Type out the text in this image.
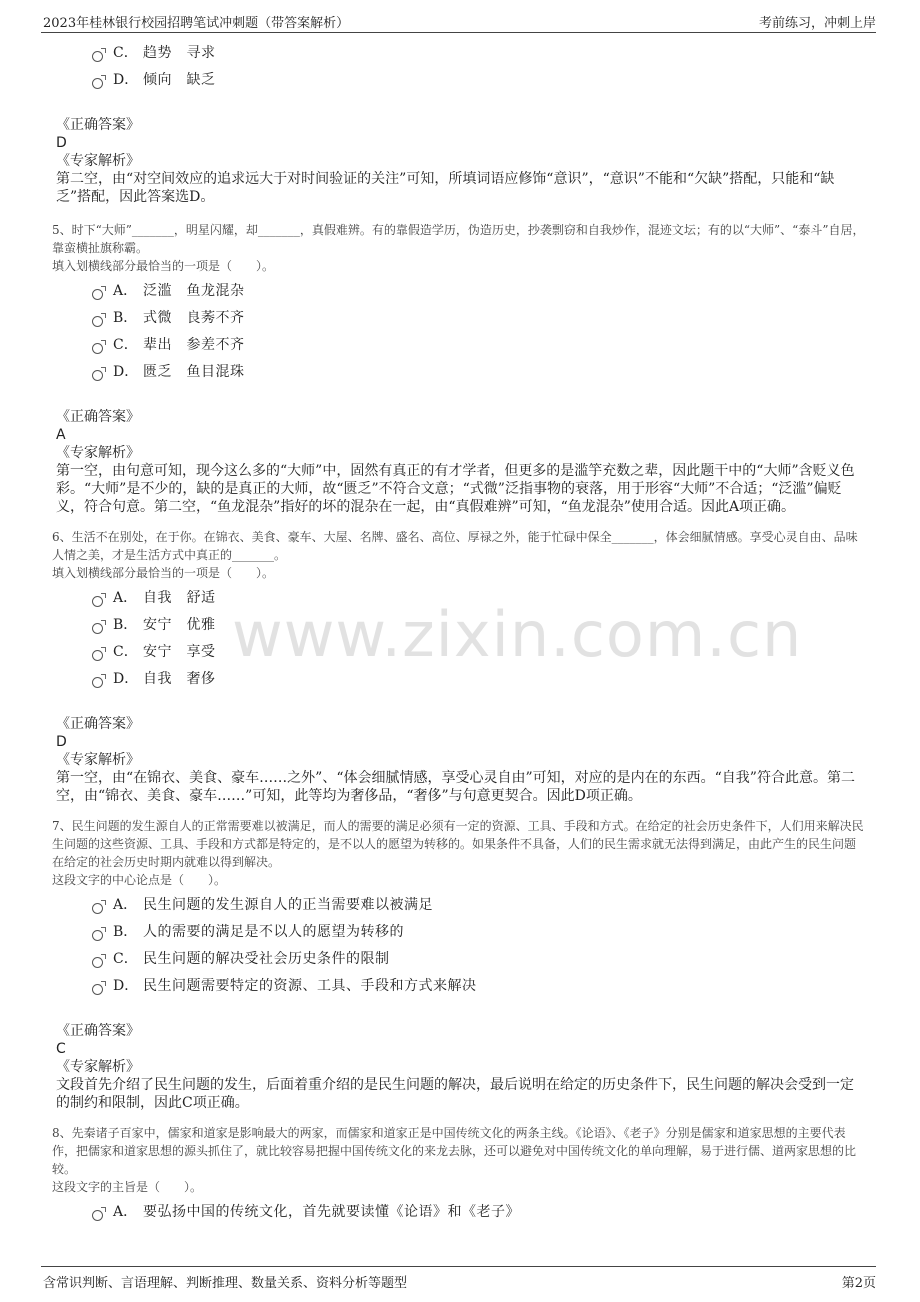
2023年桂林银行校园招聘笔试冲刺题（带答案解析）	考前练习，冲刺上岸
www.zixin.com.cn
C． 趋势　寻求
D． 倾向　缺乏
《正确答案》
D
《专家解析》
第二空，由“对空间效应的追求远大于对时间验证的关注”可知，所填词语应修饰“意识”，“意识”不能和“欠缺”搭配，只能和“缺乏”搭配，因此答案选D。
5、时下“大师”_______，明星闪耀，却_______，真假难辨。有的靠假造学历，伪造历史，抄袭剽窃和自我炒作，混迹文坛；有的以“大师”、“泰斗”自居，靠蛮横扯旗称霸。
填入划横线部分最恰当的一项是（　　）。
A． 泛滥　鱼龙混杂
B． 式微　良莠不齐
C． 辈出　参差不齐
D． 匮乏　鱼目混珠
《正确答案》
A
《专家解析》
第一空，由句意可知，现今这么多的“大师”中，固然有真正的有才学者，但更多的是滥竽充数之辈，因此题干中的“大师”含贬义色彩。“大师”是不少的，缺的是真正的大师，故“匮乏”不符合文意；“式微”泛指事物的衰落，用于形容“大师”不合适；“泛滥”偏贬义，符合句意。第二空，“鱼龙混杂”指好的坏的混杂在一起，由“真假难辨”可知，“鱼龙混杂”使用合适。因此A项正确。
6、生活不在别处，在于你。在锦衣、美食、豪车、大屋、名牌、盛名、高位、厚禄之外，能于忙碌中保全_______，体会细腻情感。享受心灵自由、品味人情之美，才是生活方式中真正的_______。
填入划横线部分最恰当的一项是（　　）。
A． 自我　舒适
B． 安宁　优雅
C． 安宁　享受
D． 自我　奢侈
《正确答案》
D
《专家解析》
第一空，由“在锦衣、美食、豪车……之外”、“体会细腻情感，享受心灵自由”可知，对应的是内在的东西。“自我”符合此意。第二空，由“锦衣、美食、豪车……”可知，此等均为奢侈品，“奢侈”与句意更契合。因此D项正确。
7、民生问题的发生源自人的正常需要难以被满足，而人的需要的满足必须有一定的资源、工具、手段和方式。在给定的社会历史条件下，人们用来解决民生问题的这些资源、工具、手段和方式都是特定的，是不以人的愿望为转移的。如果条件不具备，人们的民生需求就无法得到满足，由此产生的民生问题在给定的社会历史时期内就难以得到解决。
这段文字的中心论点是（　　）。
A． 民生问题的发生源自人的正当需要难以被满足
B． 人的需要的满足是不以人的愿望为转移的
C． 民生问题的解决受社会历史条件的限制
D． 民生问题需要特定的资源、工具、手段和方式来解决
《正确答案》
C
《专家解析》
文段首先介绍了民生问题的发生，后面着重介绍的是民生问题的解决，最后说明在给定的历史条件下，民生问题的解决会受到一定的制约和限制，因此C项正确。
8、先秦诸子百家中，儒家和道家是影响最大的两家，而儒家和道家正是中国传统文化的两条主线。《论语》、《老子》分别是儒家和道家思想的主要代表作，把儒家和道家思想的源头抓住了，就比较容易把握中国传统文化的来龙去脉，还可以避免对中国传统文化的单向理解，易于进行儒、道两家思想的比较。
这段文字的主旨是（　　）。
A． 要弘扬中国的传统文化，首先就要读懂《论语》和《老子》
含常识判断、言语理解、判断推理、数量关系、资料分析等题型	第2页
